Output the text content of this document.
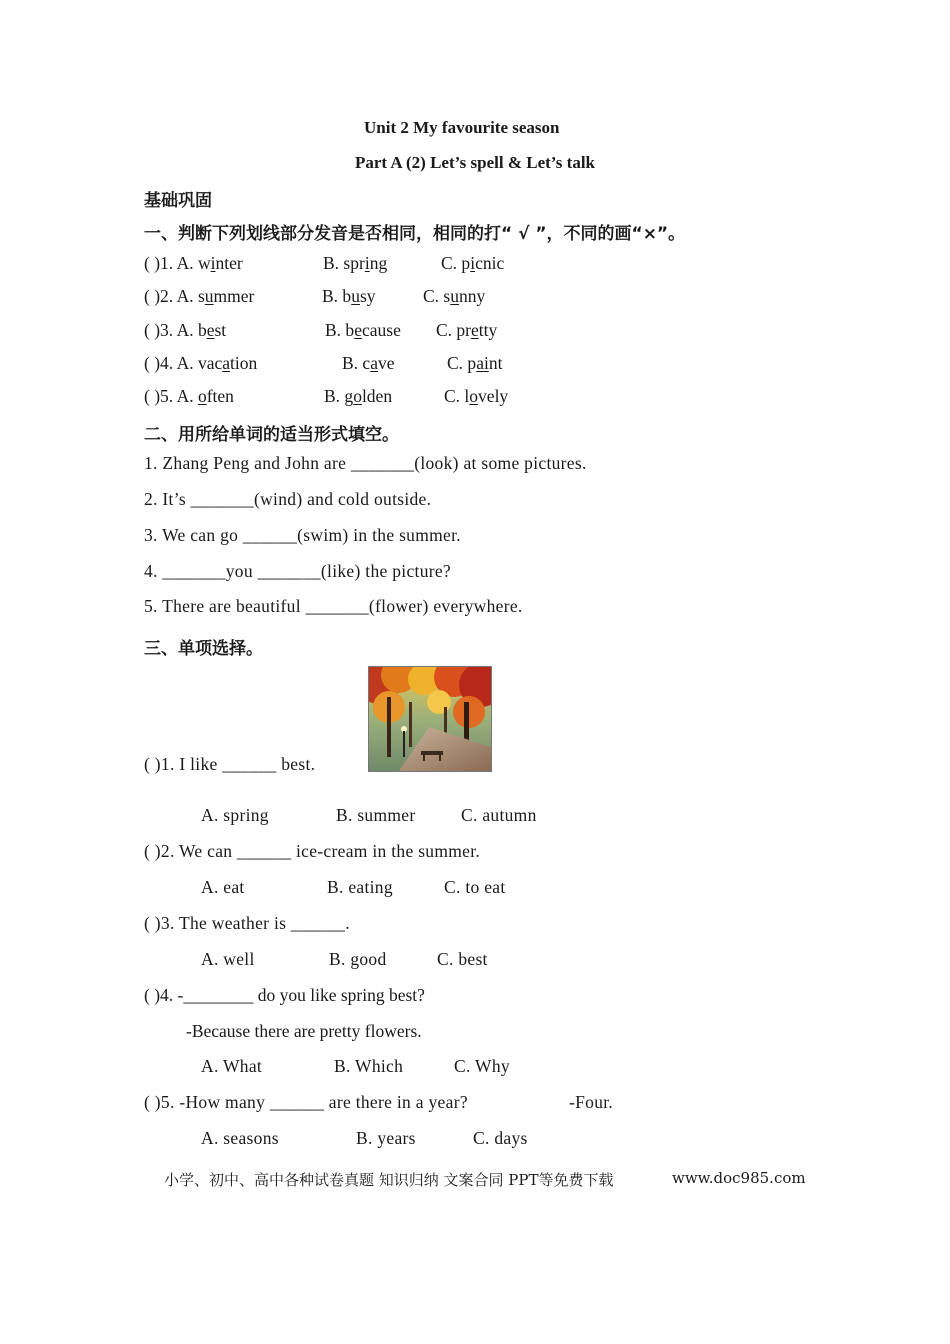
Unit 2 My favourite season
Part A (2) Let’s spell & Let’s talk
基础巩固
一、判断下列划线部分发音是否相同，相同的打“ √ ”，不同的画“×”。
( )1. A. winter	B. spring	C. picnic
( )2. A. summer	B. busy	C. sunny
( )3. A. best	B. because C. pretty
( )4. A. vacation	B. cave	C. paint
( )5. A. often	B. golden	C. lovely
二、用所给单词的适当形式填空。
1. Zhang Peng and John are _______(look) at some pictures.
2. It’s _______(wind) and cold outside.
3. We can go ______(swim) in the summer.
4. _______you _______(like) the picture?
5. There are beautiful _______(flower) everywhere.
三、单项选择。
( )1. I like ______ best.
A. spring	B. summer	C. autumn
( )2. We can ______ ice-cream in the summer.
A. eat	B. eating	C. to eat
( )3. The weather is ______.
A. well	B. good	C. best
( )4. -________ do you like spring best?
-Because there are pretty flowers.
A. What	B. Which	C. Why
( )5. -How many ______ are there in a year?	-Four.
A. seasons	B. years	C. days
小学、初中、高中各种试卷真题 知识归纳 文案合同 PPT等免费下载	www.doc985.com
